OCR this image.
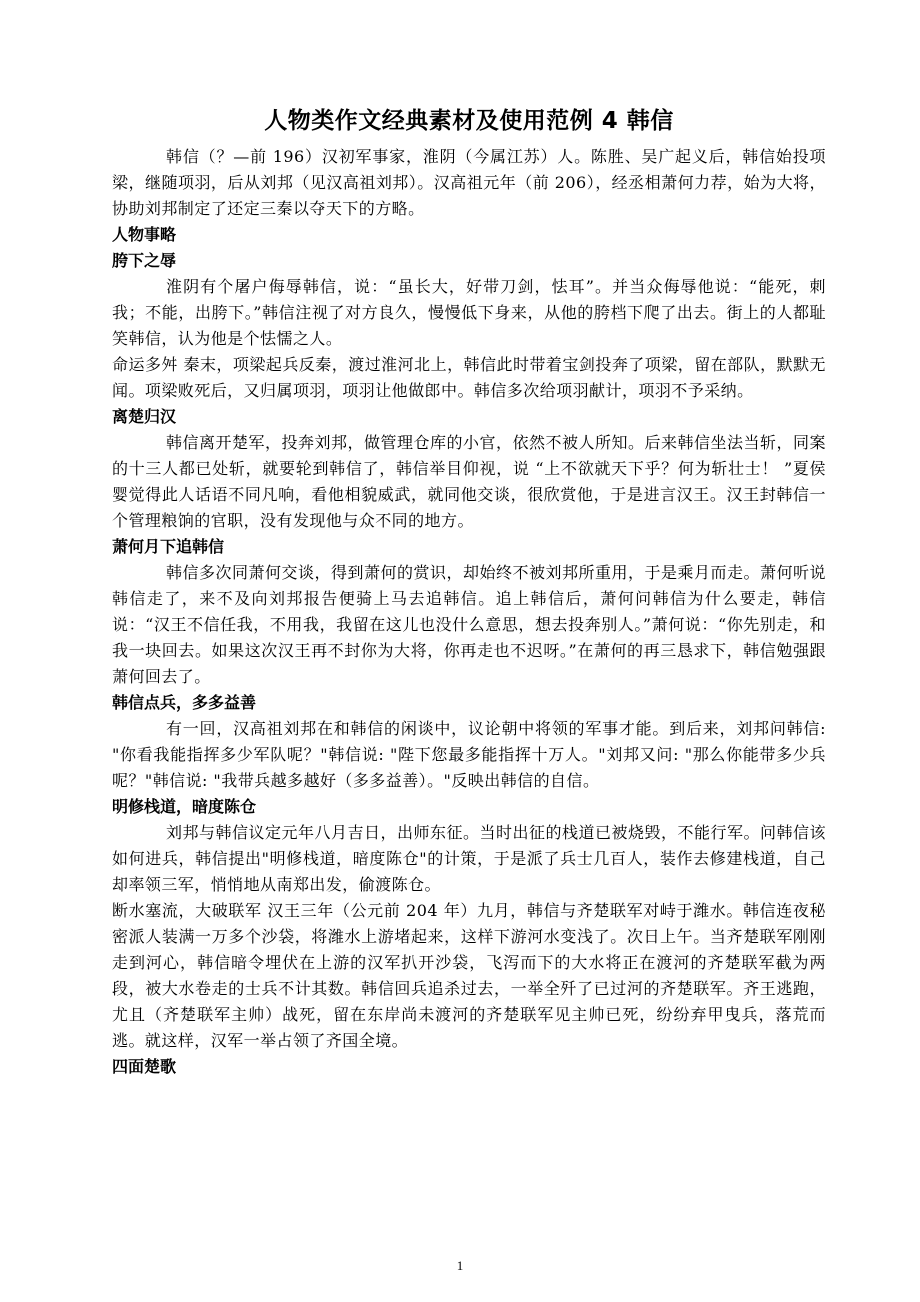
人物类作文经典素材及使用范例 4 韩信

韩信（？—前 196）汉初军事家，淮阴（今属江苏）人。陈胜、吴广起义后，韩信始投项梁，继随项羽，后从刘邦（见汉高祖刘邦）。汉高祖元年（前 206），经丞相萧何力荐，始为大将，协助刘邦制定了还定三秦以夺天下的方略。

人物事略
胯下之辱

淮阴有个屠户侮辱韩信，说：“虽长大，好带刀剑，怯耳”。并当众侮辱他说：“能死，刺我；不能，出胯下。”韩信注视了对方良久，慢慢低下身来，从他的胯档下爬了出去。街上的人都耻笑韩信，认为他是个怯懦之人。

命运多舛 秦末，项梁起兵反秦，渡过淮河北上，韩信此时带着宝剑投奔了项梁，留在部队，默默无闻。项梁败死后，又归属项羽，项羽让他做郎中。韩信多次给项羽献计，项羽不予采纳。

离楚归汉

韩信离开楚军，投奔刘邦，做管理仓库的小官，依然不被人所知。后来韩信坐法当斩，同案的十三人都已处斩，就要轮到韩信了，韩信举目仰视，说 “上不欲就天下乎？何为斩壮士！ ”夏侯婴觉得此人话语不同凡响，看他相貌威武，就同他交谈，很欣赏他，于是进言汉王。汉王封韩信一个管理粮饷的官职，没有发现他与众不同的地方。

萧何月下追韩信

韩信多次同萧何交谈，得到萧何的赏识，却始终不被刘邦所重用，于是乘月而走。萧何听说韩信走了，来不及向刘邦报告便骑上马去追韩信。追上韩信后，萧何问韩信为什么要走，韩信说：“汉王不信任我，不用我，我留在这儿也没什么意思，想去投奔别人。”萧何说：“你先别走，和我一块回去。如果这次汉王再不封你为大将，你再走也不迟呀。”在萧何的再三恳求下，韩信勉强跟萧何回去了。

韩信点兵，多多益善

有一回，汉高祖刘邦在和韩信的闲谈中，议论朝中将领的军事才能。到后来，刘邦问韩信: "你看我能指挥多少军队呢？"韩信说: "陛下您最多能指挥十万人。"刘邦又问: "那么你能带多少兵呢？"韩信说: "我带兵越多越好（多多益善）。"反映出韩信的自信。

明修栈道，暗度陈仓

刘邦与韩信议定元年八月吉日，出师东征。当时出征的栈道已被烧毁，不能行军。问韩信该如何进兵，韩信提出"明修栈道，暗度陈仓"的计策，于是派了兵士几百人，装作去修建栈道，自己却率领三军，悄悄地从南郑出发，偷渡陈仓。

断水塞流，大破联军 汉王三年（公元前 204 年）九月，韩信与齐楚联军对峙于潍水。韩信连夜秘密派人装满一万多个沙袋，将潍水上游堵起来，这样下游河水变浅了。次日上午。当齐楚联军刚刚走到河心，韩信暗令埋伏在上游的汉军扒开沙袋，飞泻而下的大水将正在渡河的齐楚联军截为两段，被大水卷走的士兵不计其数。韩信回兵追杀过去，一举全歼了已过河的齐楚联军。齐王逃跑，尤且（齐楚联军主帅）战死，留在东岸尚未渡河的齐楚联军见主帅已死，纷纷弃甲曳兵，落荒而逃。就这样，汉军一举占领了齐国全境。

四面楚歌
1
